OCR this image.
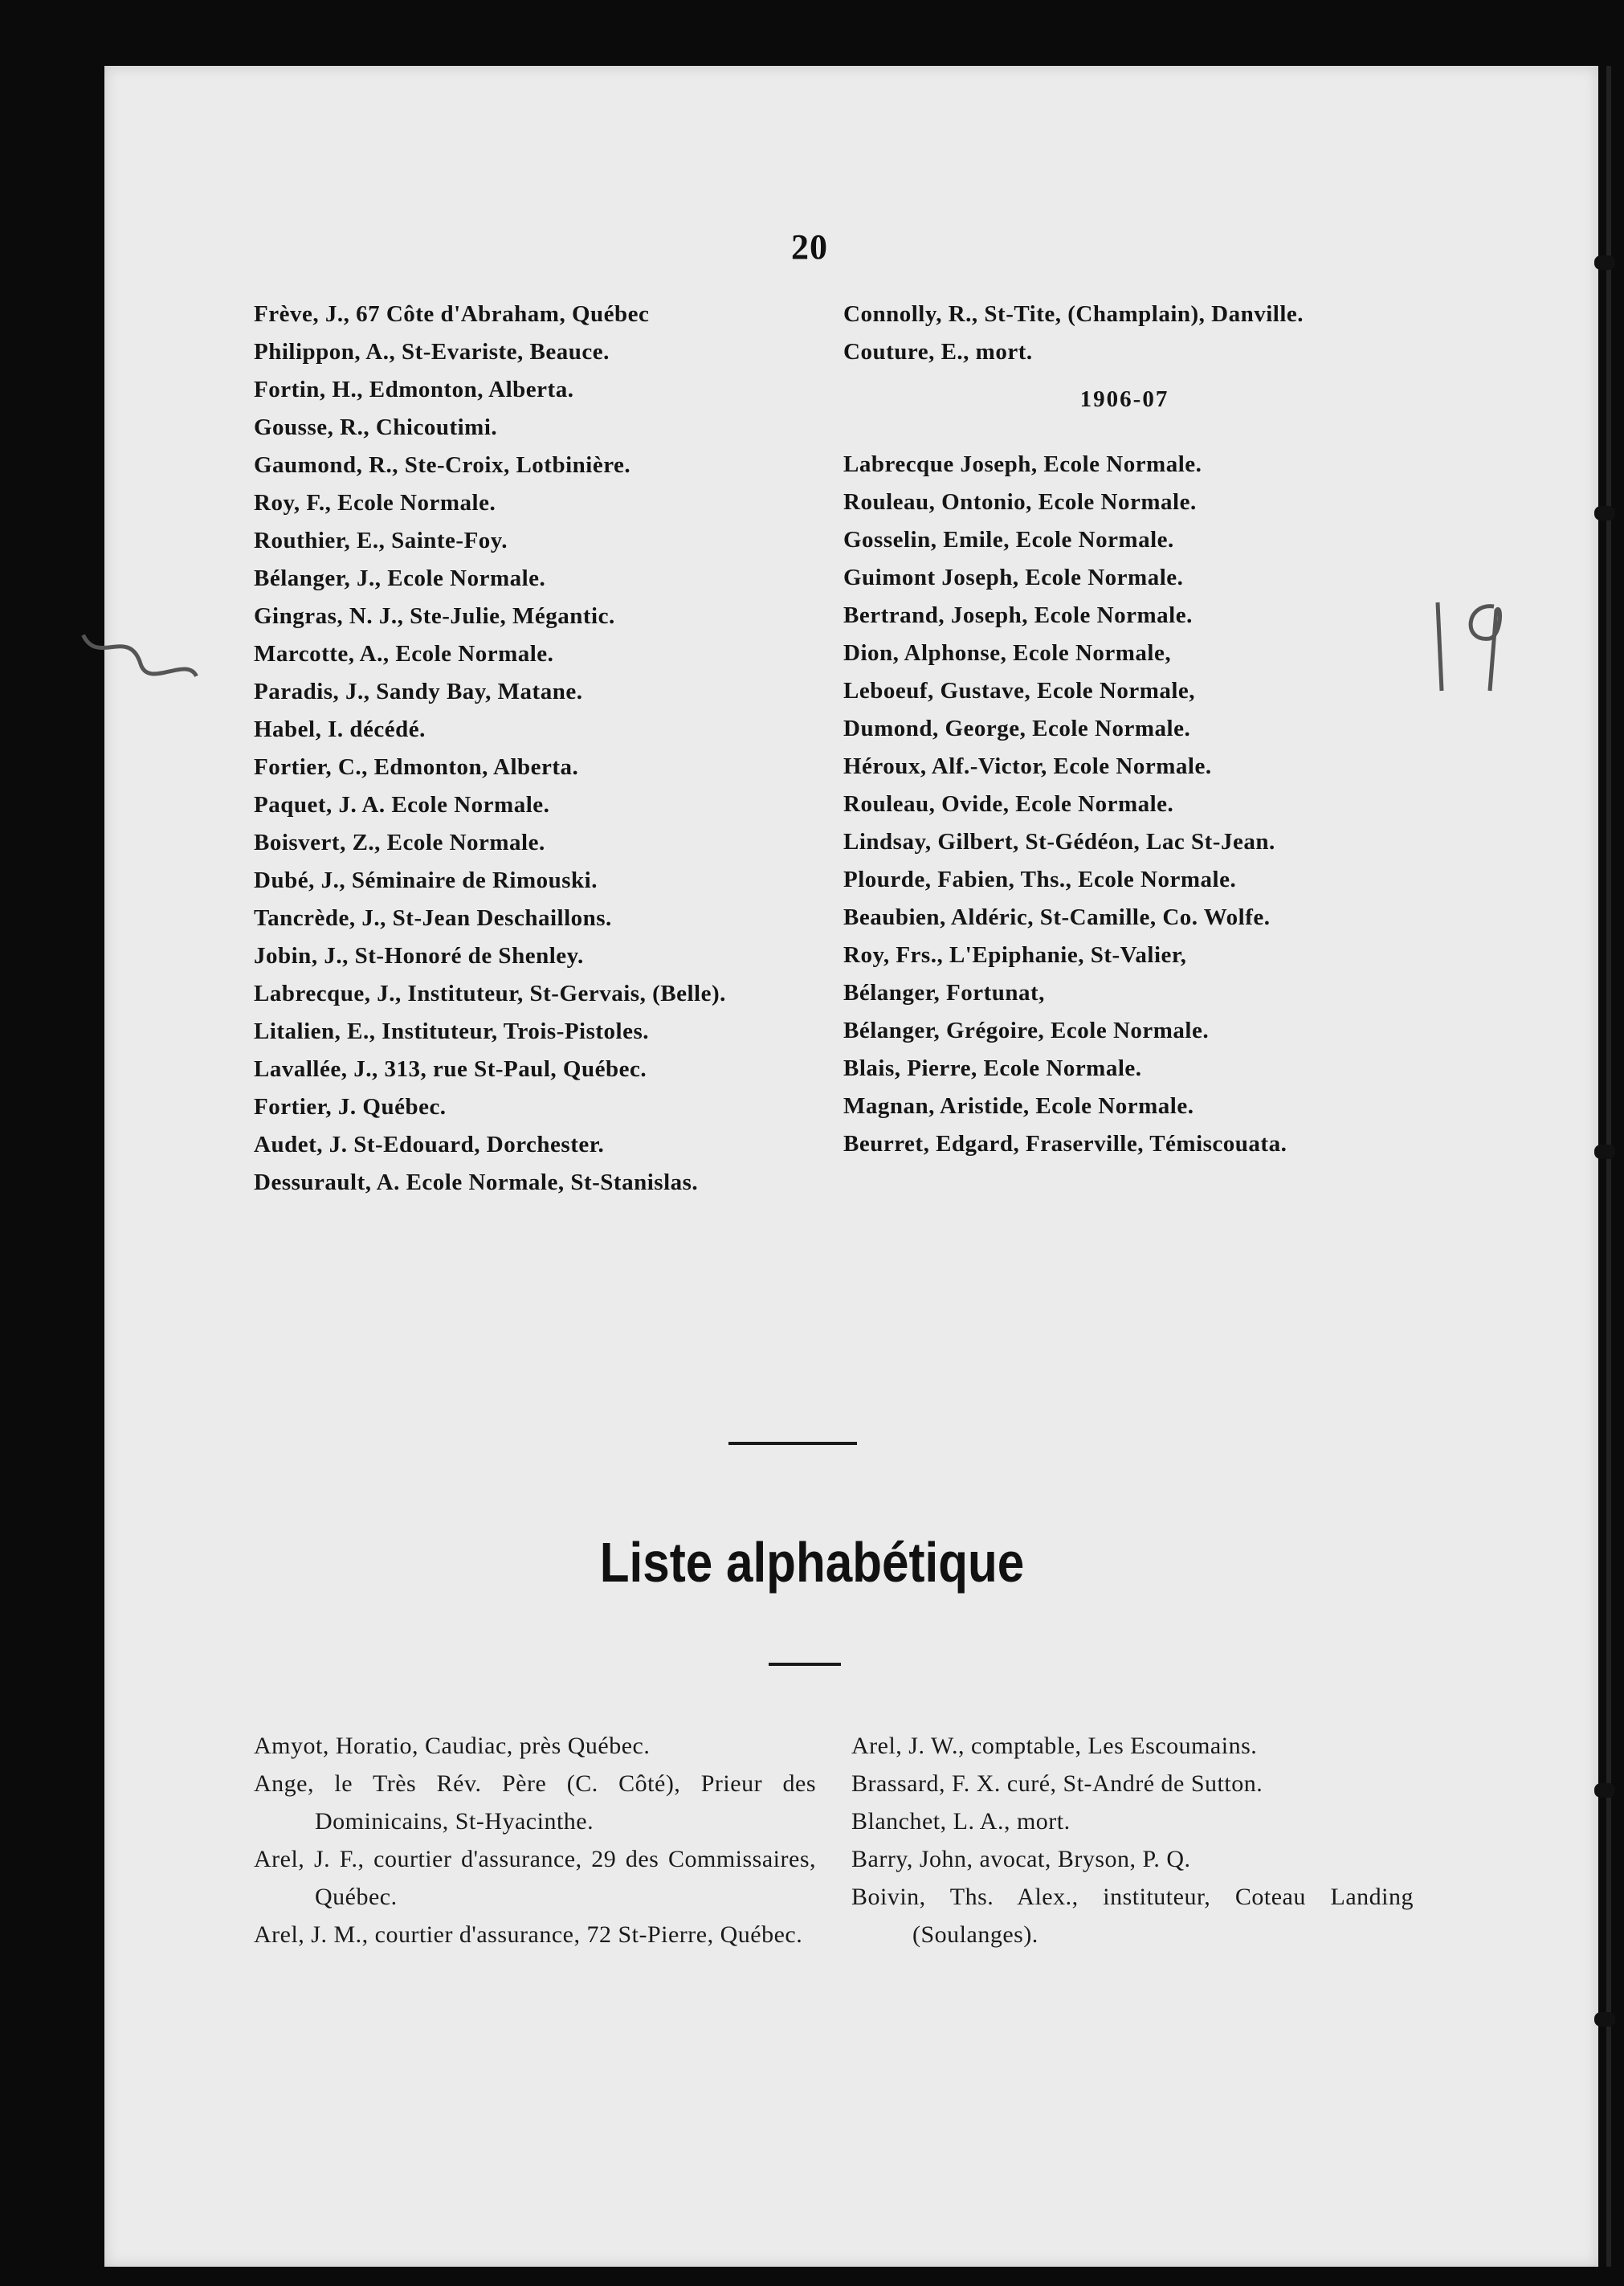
20

Frève, J., 67 Côte d'Abraham, Québec

Philippon, A., St-Evariste, Beauce.

Fortin, H., Edmonton, Alberta.

Gousse, R., Chicoutimi.

Gaumond, R., Ste-Croix, Lotbinière.

Roy, F., Ecole Normale.

Routhier, E., Sainte-Foy.

Bélanger, J., Ecole Normale.

Gingras, N. J., Ste-Julie, Mégantic.

Marcotte, A., Ecole Normale.

Paradis, J., Sandy Bay, Matane.

Habel, I. décédé.

Fortier, C., Edmonton, Alberta.

Paquet, J. A. Ecole Normale.

Boisvert, Z., Ecole Normale.

Dubé, J., Séminaire de Rimouski.

Tancrède, J., St-Jean Deschaillons.

Jobin, J., St-Honoré de Shenley.

Labrecque, J., Instituteur, St-Gervais, (Belle).

Litalien, E., Instituteur, Trois-Pistoles.

Lavallée, J., 313, rue St-Paul, Québec.

Fortier, J. Québec.

Audet, J. St-Edouard, Dorchester.

Dessurault, A. Ecole Normale, St-Stanislas.

Connolly, R., St-Tite, (Champlain), Danville.

Couture, E., mort.

1906-07

Labrecque Joseph, Ecole Normale.

Rouleau, Ontonio, Ecole Normale.

Gosselin, Emile, Ecole Normale.

Guimont Joseph, Ecole Normale.

Bertrand, Joseph, Ecole Normale.

Dion, Alphonse, Ecole Normale,

Leboeuf, Gustave, Ecole Normale,

Dumond, George, Ecole Normale.

Héroux, Alf.-Victor, Ecole Normale.

Rouleau, Ovide, Ecole Normale.

Lindsay, Gilbert, St-Gédéon, Lac St-Jean.

Plourde, Fabien, Ths., Ecole Normale.

Beaubien, Aldéric, St-Camille, Co. Wolfe.

Roy, Frs., L'Epiphanie, St-Valier,

Bélanger, Fortunat,

Bélanger, Grégoire, Ecole Normale.

Blais, Pierre, Ecole Normale.

Magnan, Aristide, Ecole Normale.

Beurret, Edgard, Fraserville, Témiscouata.

Liste alphabétique

Amyot, Horatio, Caudiac, près Québec.

Ange, le Très Rév. Père (C. Côté), Prieur des Dominicains, St-Hyacinthe.

Arel, J. F., courtier d'assurance, 29 des Commissaires, Québec.

Arel, J. M., courtier d'assurance, 72 St-Pierre, Québec.

Arel, J. W., comptable, Les Escoumains.

Brassard, F. X. curé, St-André de Sutton.

Blanchet, L. A., mort.

Barry, John, avocat, Bryson, P. Q.

Boivin, Ths. Alex., instituteur, Coteau Landing (Soulanges).
